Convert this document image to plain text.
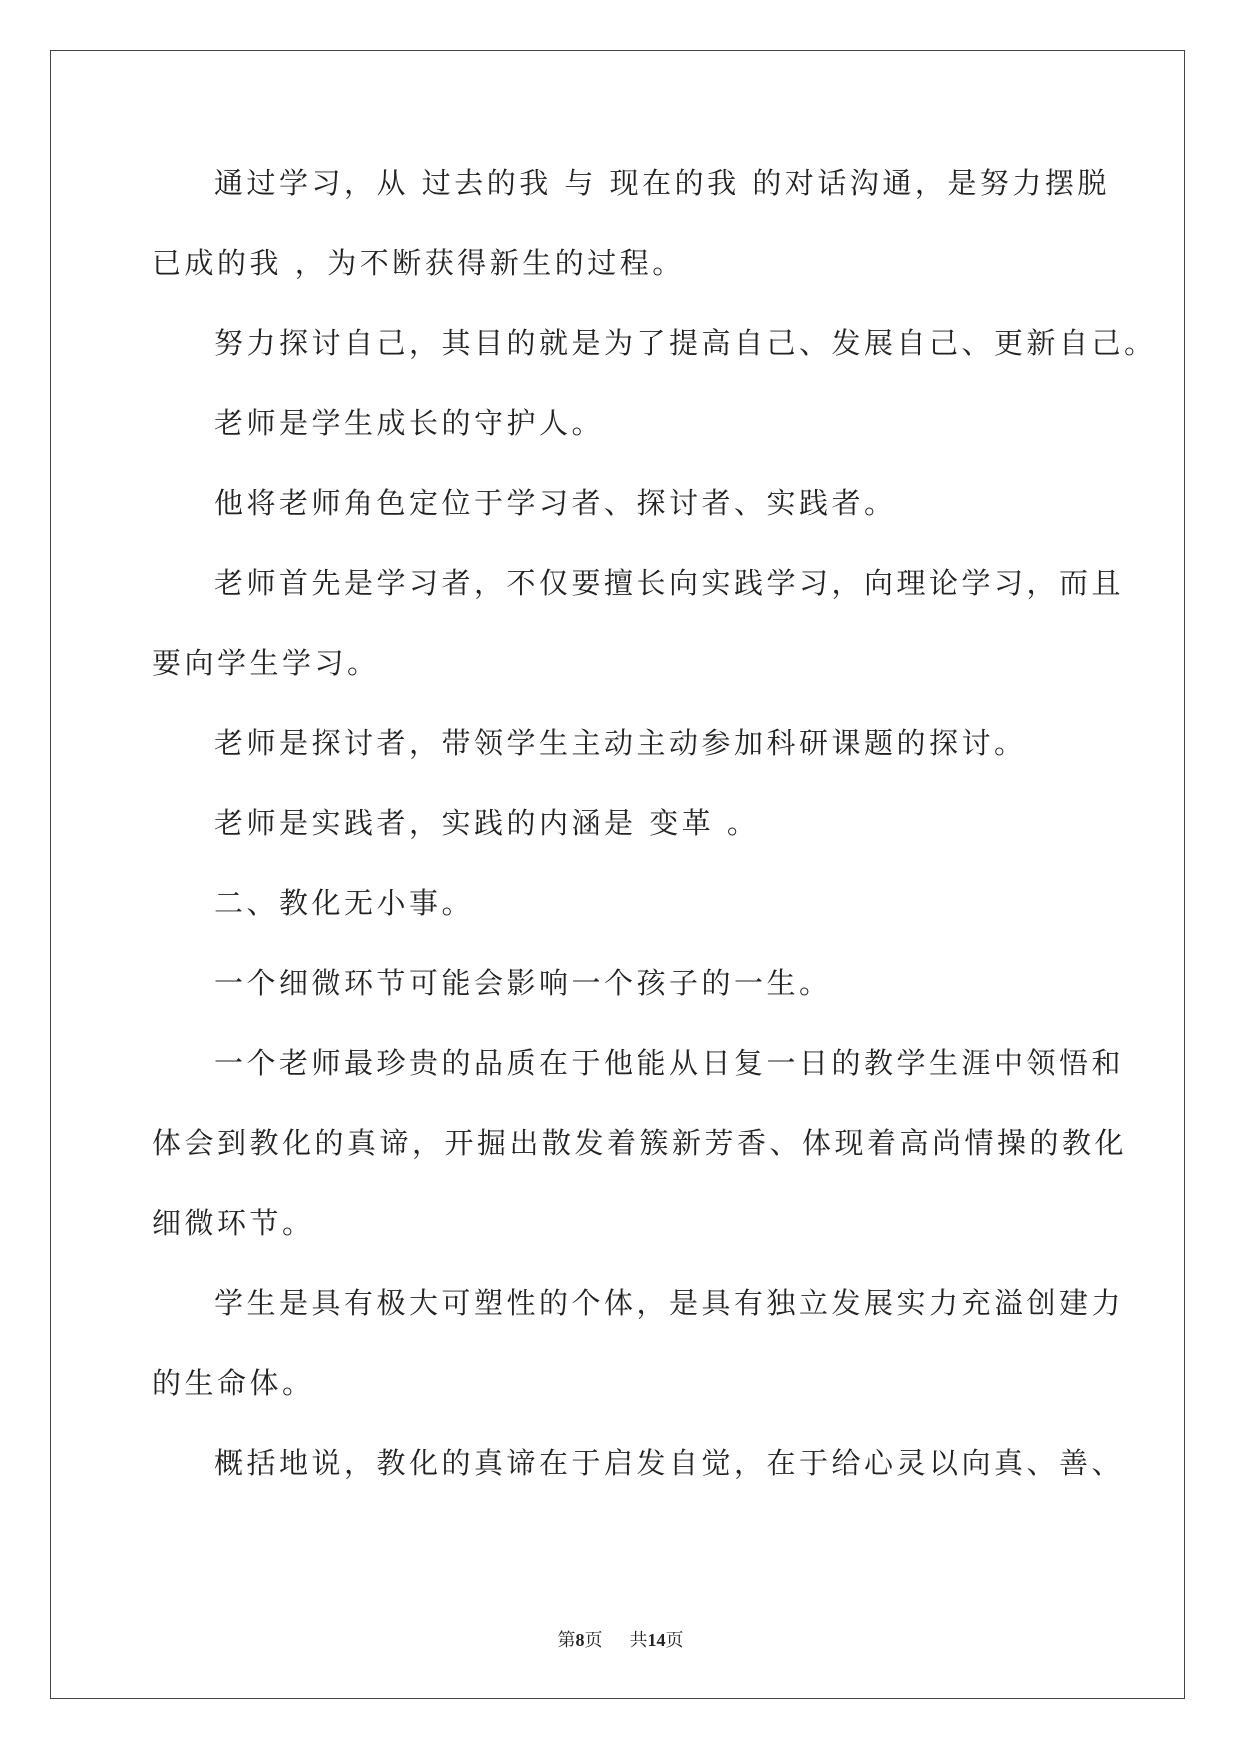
通过学习，从 过去的我 与 现在的我 的对话沟通，是努力摆脱
已成的我 ，为不断获得新生的过程。
努力探讨自己，其目的就是为了提高自己、发展自己、更新自己。
老师是学生成长的守护人。
他将老师角色定位于学习者、探讨者、实践者。
老师首先是学习者，不仅要擅长向实践学习，向理论学习，而且
要向学生学习。
老师是探讨者，带领学生主动主动参加科研课题的探讨。
老师是实践者，实践的内涵是 变革 。
二、教化无小事。
一个细微环节可能会影响一个孩子的一生。
一个老师最珍贵的品质在于他能从日复一日的教学生涯中领悟和
体会到教化的真谛，开掘出散发着簇新芳香、体现着高尚情操的教化
细微环节。
学生是具有极大可塑性的个体，是具有独立发展实力充溢创建力
的生命体。
概括地说，教化的真谛在于启发自觉，在于给心灵以向真、善、
第8页 共14页
